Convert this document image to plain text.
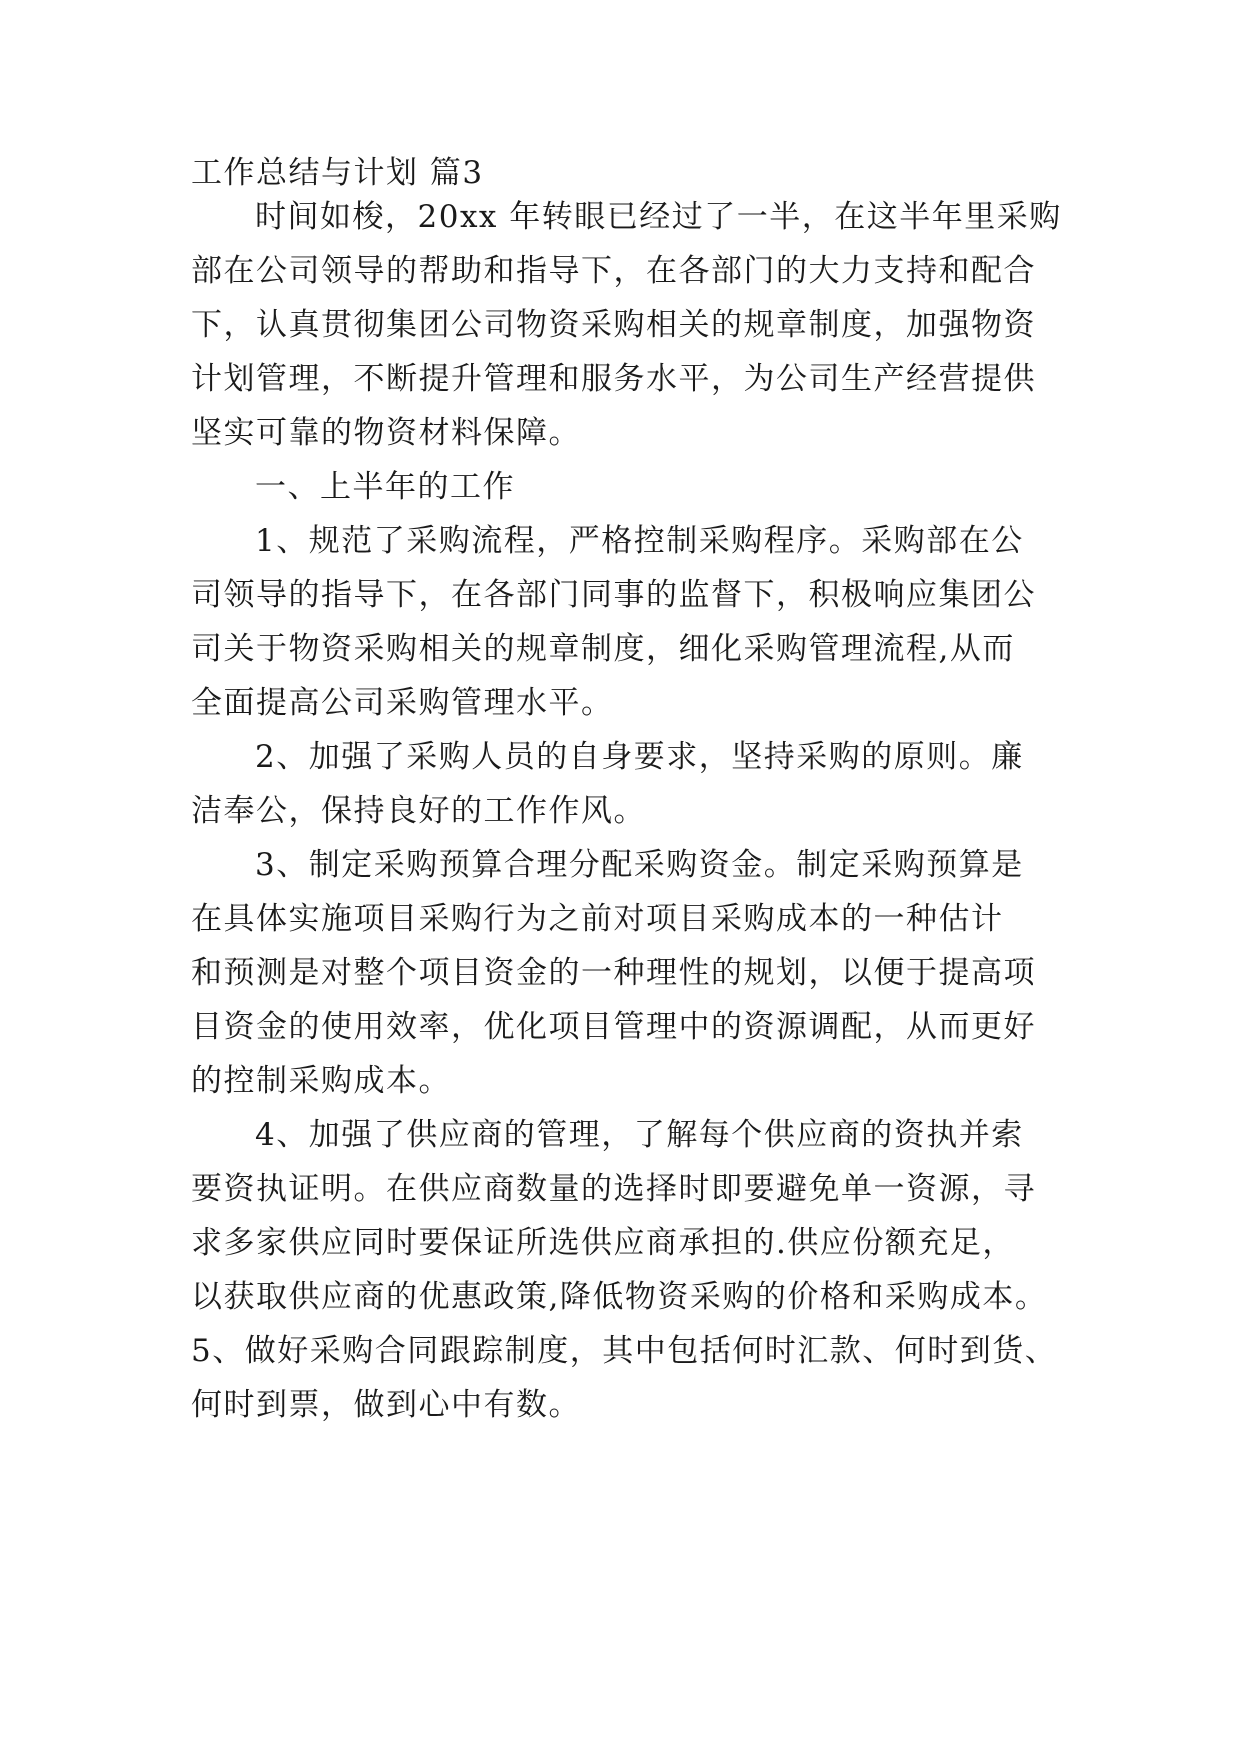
工作总结与计划 篇3
时间如梭，20xx 年转眼已经过了一半，在这半年里采购
部在公司领导的帮助和指导下，在各部门的大力支持和配合
下，认真贯彻集团公司物资采购相关的规章制度，加强物资
计划管理，不断提升管理和服务水平，为公司生产经营提供
坚实可靠的物资材料保障。
一、上半年的工作
1、规范了采购流程，严格控制采购程序。采购部在公
司领导的指导下，在各部门同事的监督下，积极响应集团公
司关于物资采购相关的规章制度，细化采购管理流程,从而
全面提高公司采购管理水平。
2、加强了采购人员的自身要求，坚持采购的原则。廉
洁奉公，保持良好的工作作风。
3、制定采购预算合理分配采购资金。制定采购预算是
在具体实施项目采购行为之前对项目采购成本的一种估计
和预测是对整个项目资金的一种理性的规划，以便于提高项
目资金的使用效率，优化项目管理中的资源调配，从而更好
的控制采购成本。
4、加强了供应商的管理，了解每个供应商的资执并索
要资执证明。在供应商数量的选择时即要避免单一资源，寻
求多家供应同时要保证所选供应商承担的.供应份额充足，
以获取供应商的优惠政策,降低物资采购的价格和采购成本。
5、做好采购合同跟踪制度，其中包括何时汇款、何时到货、
何时到票，做到心中有数。
